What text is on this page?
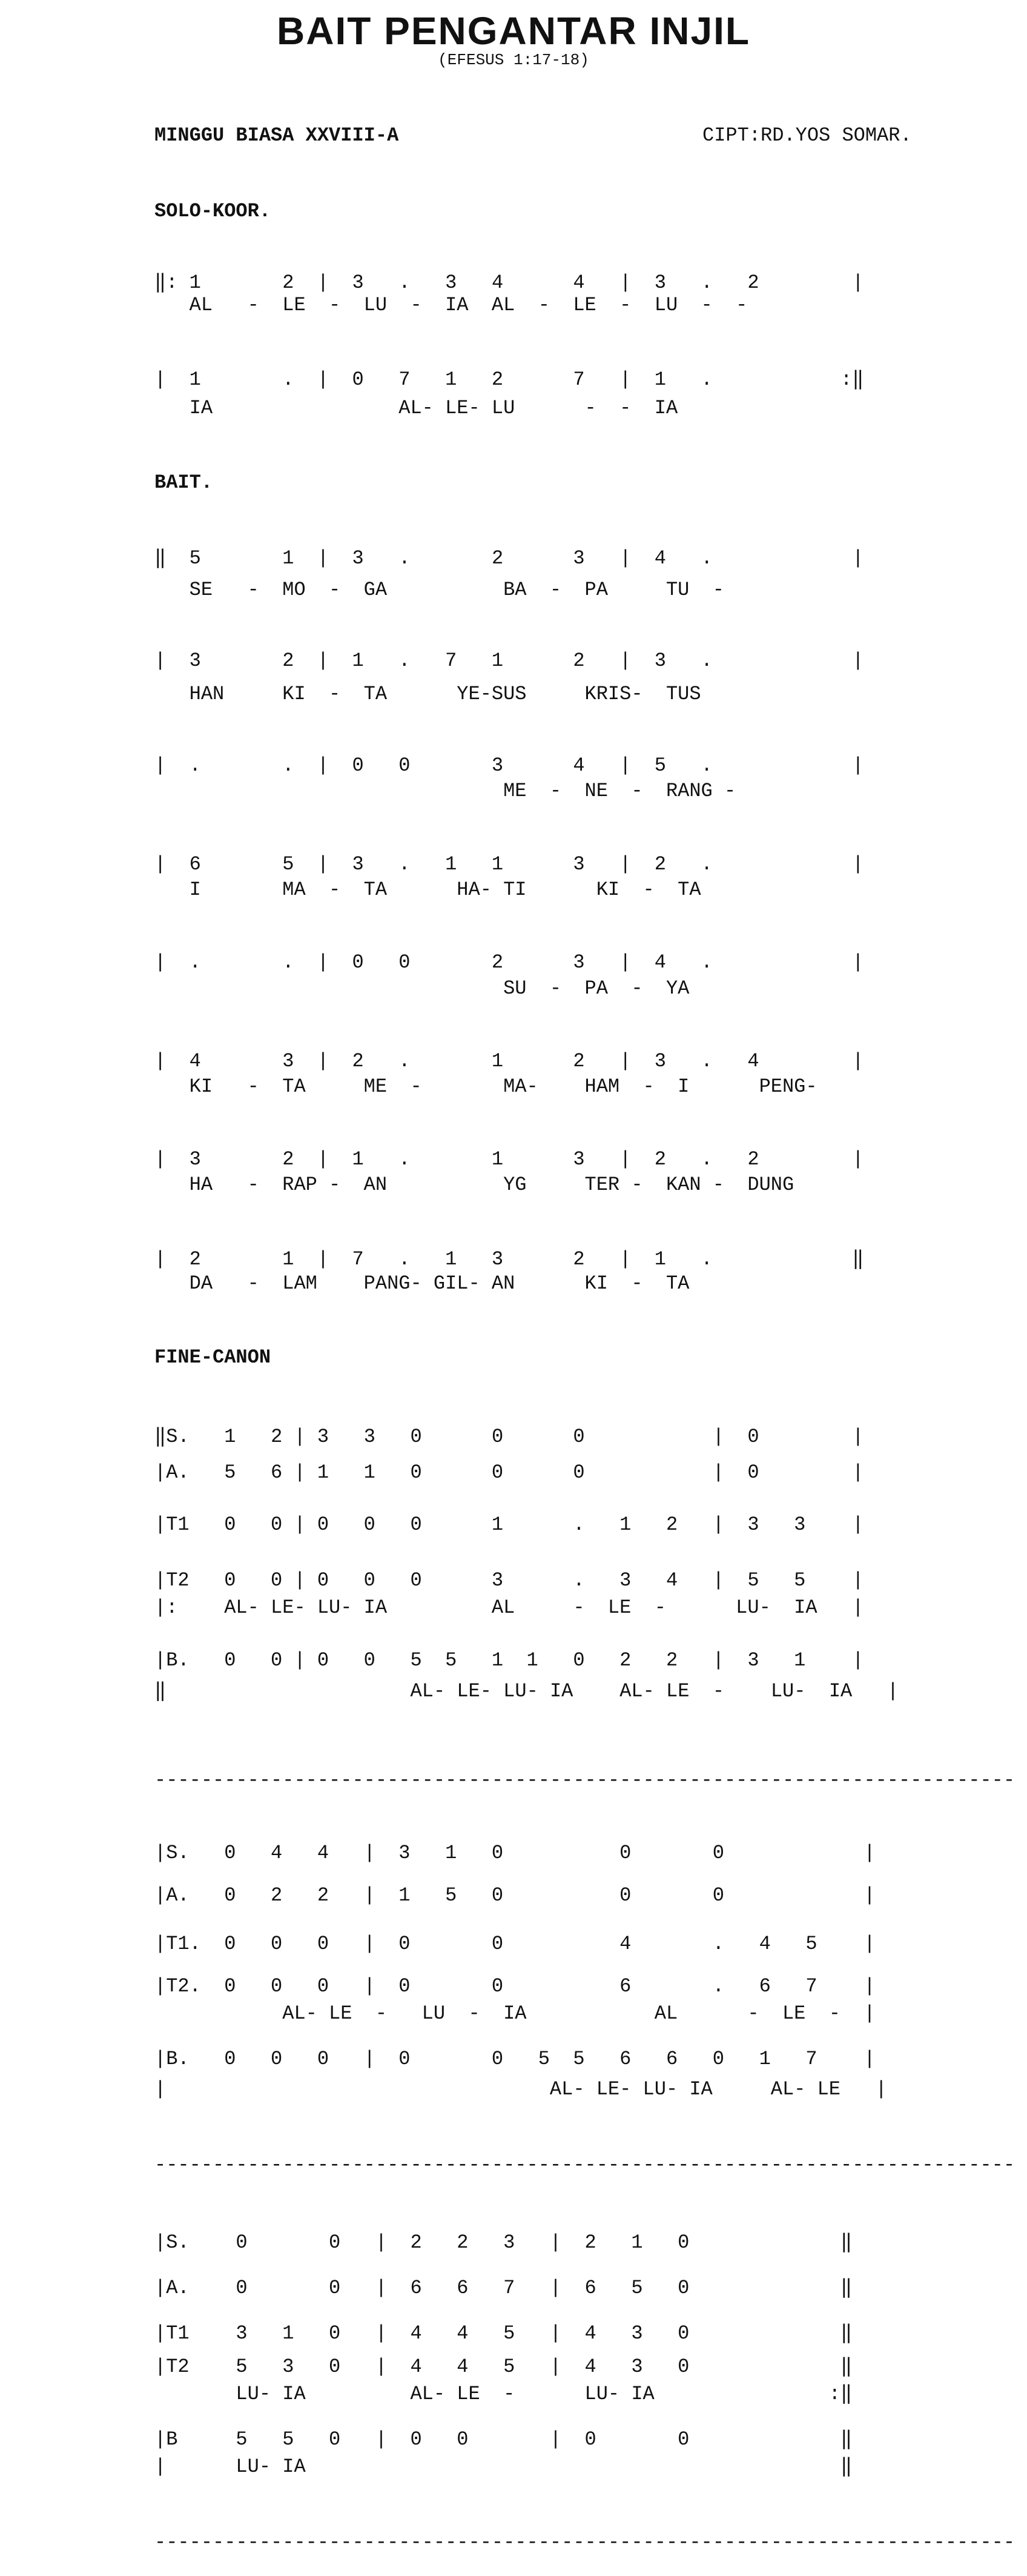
BAIT PENGANTAR INJIL

(EFESUS 1:17-18)

MINGGU BIASA XXVIII-A

	CIPT:RD.YOS SOMAR.

SOLO-KOOR.

‖: 1       2  |  3   .   3   4      4   |  3   .   2        |

AL   -  LE  -  LU  -  IA  AL  -  LE  -  LU  -  -

|  1       .  |  0   7   1   2      7   |  1   .           :‖

IA                AL- LE- LU      -  -  IA

BAIT.

‖  5       1  |  3   .       2      3   |  4   .            |

SE   -  MO  -  GA          BA  -  PA     TU  -

|  3       2  |  1   .   7   1      2   |  3   .            |

HAN     KI  -  TA      YE-SUS     KRIS-  TUS

|  .       .  |  0   0       3      4   |  5   .            |

ME  -  NE  -  RANG -

|  6       5  |  3   .   1   1      3   |  2   .            |

I       MA  -  TA      HA- TI      KI  -  TA

|  .       .  |  0   0       2      3   |  4   .            |

SU  -  PA  -  YA

|  4       3  |  2   .       1      2   |  3   .   4        |

KI   -  TA     ME  -       MA-    HAM  -  I      PENG-

|  3       2  |  1   .       1      3   |  2   .   2        |

HA   -  RAP -  AN          YG     TER -  KAN -  DUNG

|  2       1  |  7   .   1   3      2   |  1   .            ‖

DA   -  LAM    PANG- GIL- AN      KI  -  TA

FINE-CANON

‖S.   1   2 | 3   3   0      0      0           |  0        |

|A.   5   6 | 1   1   0      0      0           |  0        |

|T1   0   0 | 0   0   0      1      .   1   2   |  3   3    |

|T2   0   0 | 0   0   0      3      .   3   4   |  5   5    |

|:    AL- LE- LU- IA         AL     -  LE  -      LU-  IA   |

|B.   0   0 | 0   0   5  5   1  1   0   2   2   |  3   1    |

‖                     AL- LE- LU- IA    AL- LE  -    LU-  IA   |

--------------------------------------------------------------------------

|S.   0   4   4   |  3   1   0          0       0            |

|A.   0   2   2   |  1   5   0          0       0            |

|T1.  0   0   0   |  0       0          4       .   4   5    |

|T2.  0   0   0   |  0       0          6       .   6   7    |

AL- LE  -   LU  -  IA           AL      -  LE  -  |

|B.   0   0   0   |  0       0   5  5   6   6   0   1   7    |

|                                 AL- LE- LU- IA     AL- LE   |

--------------------------------------------------------------------------

|S.    0       0   |  2   2   3   |  2   1   0             ‖

|A.    0       0   |  6   6   7   |  6   5   0             ‖

|T1    3   1   0   |  4   4   5   |  4   3   0             ‖

|T2    5   3   0   |  4   4   5   |  4   3   0             ‖

LU- IA         AL- LE  -      LU- IA               :‖

|B     5   5   0   |  0   0       |  0       0             ‖

|      LU- IA                                              ‖

--------------------------------------------------------------------------
